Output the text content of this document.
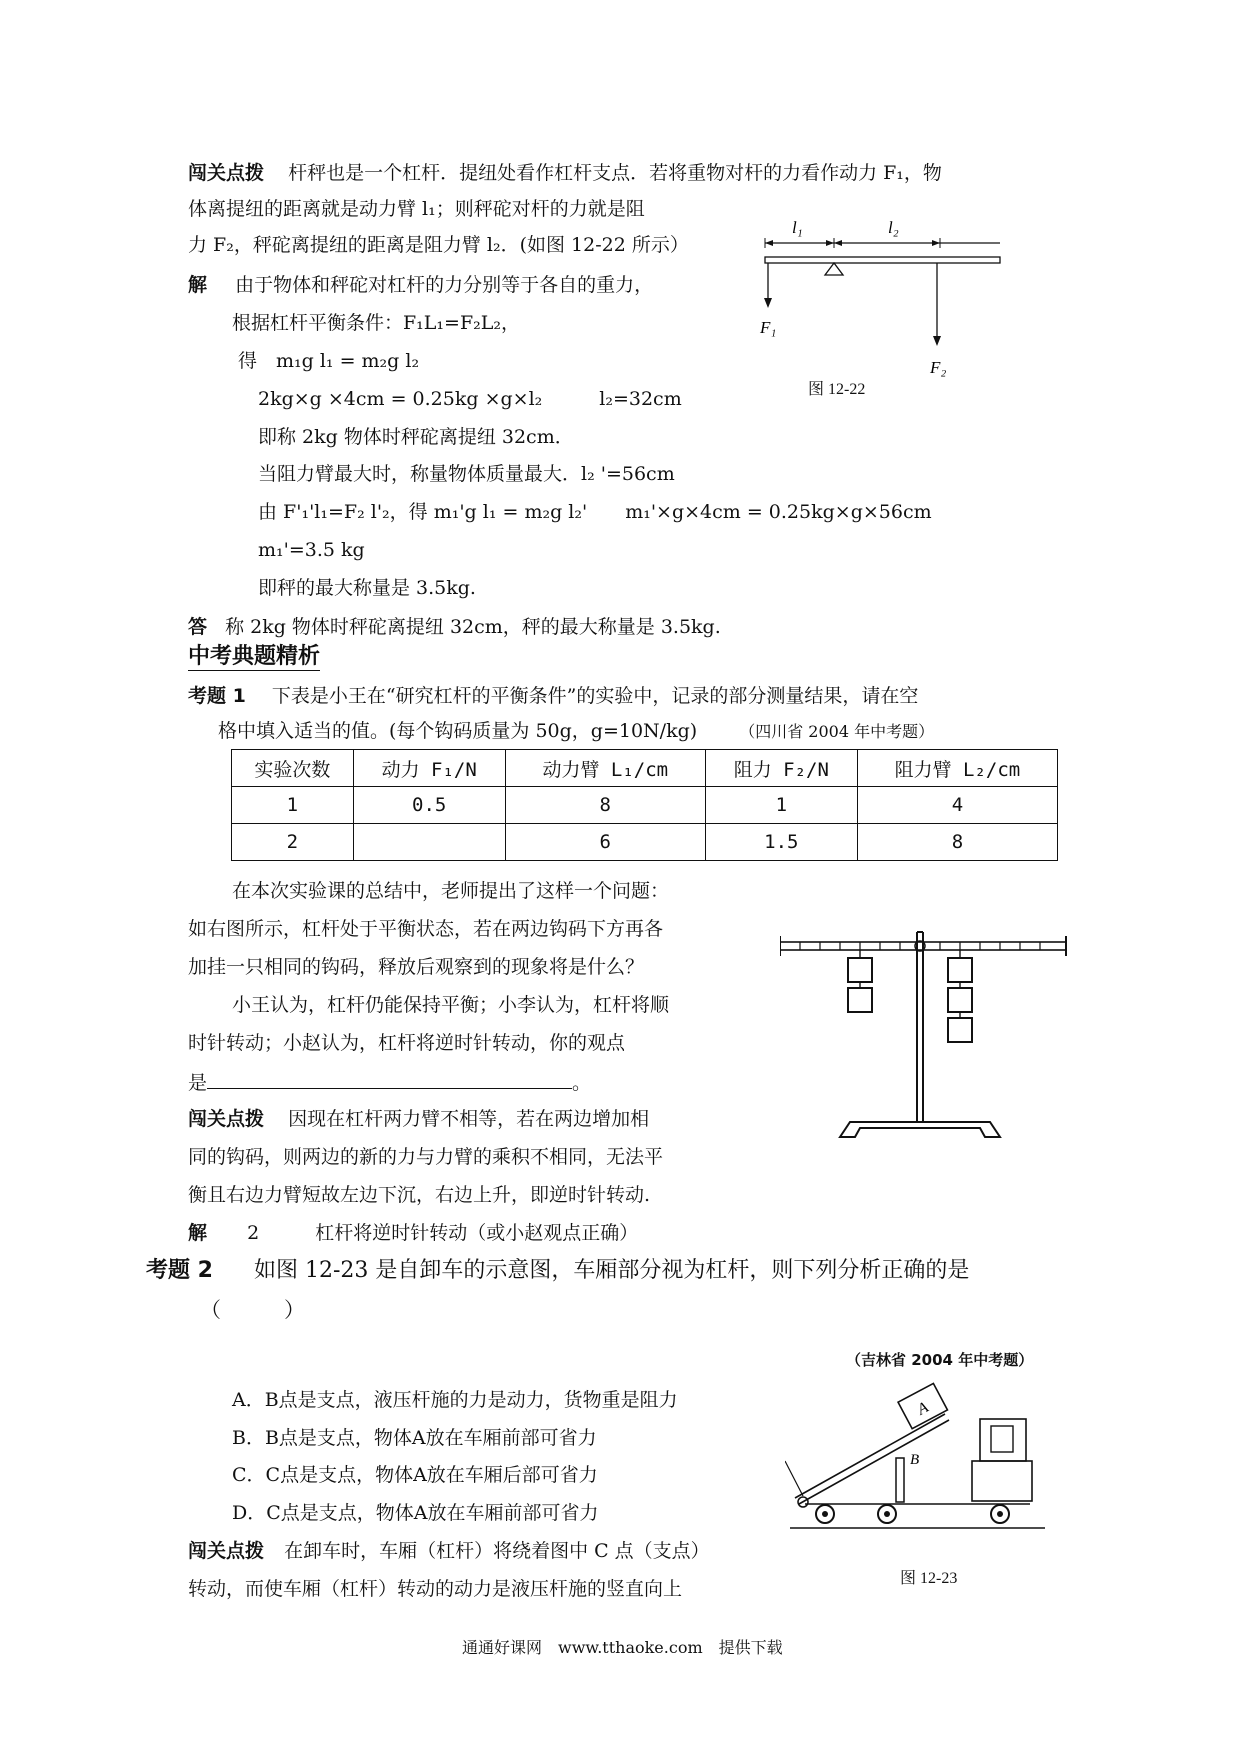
闯关点拨 杆秤也是一个杠杆．提纽处看作杠杆支点．若将重物对杆的力看作动力 F₁，物
体离提纽的距离就是动力臂 l₁；则秤砣对杆的力就是阻
力 F₂，秤砣离提纽的距离是阻力臂 l₂．(如图 12-22 所示）
解 由于物体和秤砣对杠杆的力分别等于各自的重力，
根据杠杆平衡条件：F₁L₁=F₂L₂，
得　m₁g l₁ = m₂g l₂
2kg×g ×4cm = 0.25kg ×g×l₂　　　l₂=32cm
即称 2kg 物体时秤砣离提纽 32cm．
当阻力臂最大时，称量物体质量最大．l₂ '=56cm
由 F'₁'l₁=F₂ l'₂，得 m₁'g l₁ = m₂g l₂'　　m₁'×g×4cm = 0.25kg×g×56cm
m₁'=3.5 kg
即秤的最大称量是 3.5kg.
答 称 2kg 物体时秤砣离提纽 32cm，秤的最大称量是 3.5kg.
中考典题精析
考题 1 下表是小王在“研究杠杆的平衡条件”的实验中，记录的部分测量结果，请在空
格中填入适当的值。(每个钩码质量为 50g，g=10N/kg)	（四川省 2004 年中考题）
实验次数	动力 F₁/N	动力臂 L₁/cm	阻力 F₂/N	阻力臂 L₂/cm
1	0.5	8	1	4
2		6	1.5	8
在本次实验课的总结中，老师提出了这样一个问题：
如右图所示，杠杆处于平衡状态，若在两边钩码下方再各
加挂一只相同的钩码，释放后观察到的现象将是什么？
小王认为，杠杆仍能保持平衡；小李认为，杠杆将顺
时针转动；小赵认为，杠杆将逆时针转动，你的观点
是	。
闯关点拨 因现在杠杆两力臂不相等，若在两边增加相
同的钩码，则两边的新的力与力臂的乘积不相同，无法平
衡且右边力臂短故左边下沉，右边上升，即逆时针转动.
解 2	杠杆将逆时针转动（或小赵观点正确）
考题 2 如图 12-23 是自卸车的示意图，车厢部分视为杠杆，则下列分析正确的是
（　　　）
（吉林省 2004 年中考题）
A．B点是支点，液压杆施的力是动力，货物重是阻力
B．B点是支点，物体A放在车厢前部可省力
C．C点是支点，物体A放在车厢后部可省力
D．C点是支点，物体A放在车厢前部可省力
闯关点拨 在卸车时，车厢（杠杆）将绕着图中 C 点（支点）
转动，而使车厢（杠杆）转动的动力是液压杆施的竖直向上
通通好课网　www.tthaoke.com　提供下载
l₁	l₂
F₁
F₂
图 12-22
A
B
图 12-23
